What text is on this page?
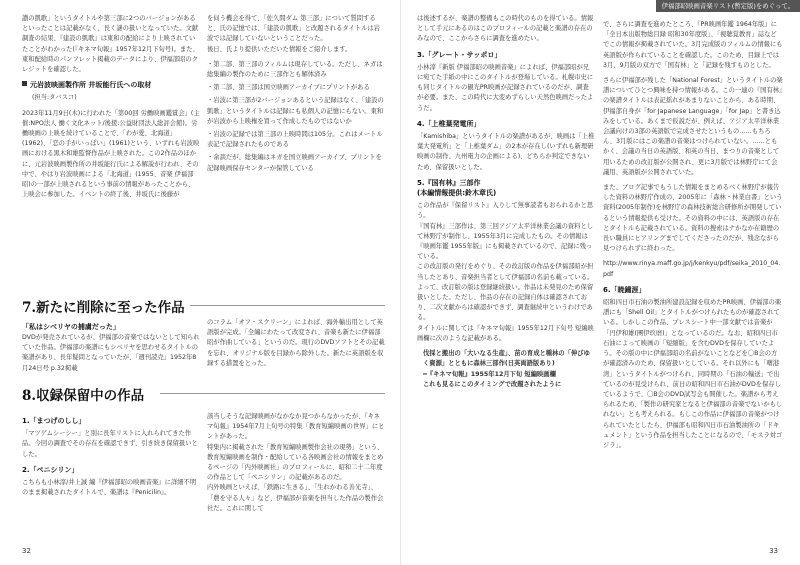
讃の凱歌」というタイトルや第三部に2つのバージョンがあるといったことは記載がなく、長く謎の扱いとなっていた。文献調査の結果、『建設の凱歌』は東和の配給により上映されていたことがわかった(『キネマ旬報』1957年12月下旬号)。また、東和配給時のパンフレット掲載のデータにより、伊福部昭のクレジットを確認した。

元岩波映画製作所 井坂能行氏への取材

(担当:タバスコ)

2023年11月9日(木)に行われた「第00回 労働映画鑑賞会」(主催:NPO法人 働く文化ネット/後援:公益財団法人総評会館)。労働映画の上映を続けていることで、「わが愛、北海道」(1962)、「恋の手がいっぱい」(1961)という、いずれも岩波映画における黒木和雄監督作品が上映された。この2作品のほかに、元岩波映画製作所の井坂能行氏による解説が行われ、その中で、やはり岩波映画による「北海道」(1955、音楽 伊福部昭)の一部が上映されるという事前の情報があったことから、上映会に参加した。イベントの終了後、井坂氏に後藤が

を伺う機会を得て、「佐久間ダム 第三部」について質問すると、氏の記憶では、「建設の凱歌」と改題されるタイトルは岩波では記録していないということだった。
後日、氏より提供いただいた情報をご紹介します。

・第二部、第三部のフィルムは現存している。ただし、ネガは総集編の製作のために三部作とも解体済み
・第二部、第三部は国立映画アーカイブにプリントがある
・岩波に第三部が2バージョンあるという記録はなく、「建設の凱歌」というタイトルは記録にも私個人の記憶にもない。東和が岩波から上映権を買って作成したものではないか
・岩波の記録では第三部の上映時間は105分。これはメートル表記で記録されたものである
・余談だが、総集編はネガを国立映画アーカイブ、プリントを記録映画保存センターが保管している
7.新たに削除に至った作品
「私はシベリヤの捕虜だった」

DVDが発売されているが、伊福部の音楽ではないとして知られていた作品。伊福部の楽譜にもシベリヤを思わせるタイトルの楽譜があり、長年疑問となっていたが、「週刊読売」1952年8月24日号 p.32掲載

のコラム「オフ・スクリーン」によれば、海外輸出用として英語版が完成。「全編にわたって改変され、音楽も新たに伊福部昭が作曲している」というのだ。現行のDVDソフトとその記載を忘れ、オリジナル版を目録から除外した。新たに英語版を収録する措置をとった。

8.収録保留中の作品
1.「まつげのしし」

「マツゲムシーシー」と別に長年リストに入れられてきた作品。今回の調査でその存在を確認できず、引き続き保留扱いとした。

2.「ペニシリン」

こちらも小林淳/井上誠 編『伊福部昭の映画音楽』に詳細不明のまま掲載されたタイトルで、楽譜は『Penicilin』。

該当しそうな記録映画がなかなか見つからなかったが、『キネマ旬報』1954年7月上旬号の特集「教育短編映画の世界」にヒントがあった。
特集内に掲載された「教育短編映画製作会社の現勢」という、教育短編映画を制作・配給している各映画会社の情報をまとめるページの「内外映画社」のプロフィールに、昭和二十二年度の作品として「ペニシリン」の記載があるのだ。
内外映画といえば、「鉄路に生きる」、「生れかわる善光寺」、「農を守る人々」など、伊福部が音楽を担当した作品の製作会社だ。これに関して

32
伊福部昭映画音楽リスト(暫定版)をめぐって。

は後述するが、楽譜の整備もこの時代のものを得ている。情報として手元にあるのはこのプロフィールの記載と楽譜の存在のみなので、ここからさらに調査を進めたい。

3.「グレート・サッポロ」

小林淳『新版 伊福部昭の映画音楽』によれば、伊福部昭が兄に宛てた手紙の中にこのタイトルが登場している。札幌市史にも同じタイトルの観光PR映画が記録されているのだが、調査が必要。また、この時代に大変めずらしい天然色映画だったようだ。

4.「上椎葉発電所」

「Kamishiba」というタイトルの楽譜があるが、映画は「上椎葉大発電所」と「上椎葉ダム」の2本が存在し(いずれも新理研映画の制作、九州電力の企画による)、どちらか判定できないため、保留扱いとした。

5.『国有林』三部作
(本編情報提供:鈴木章氏)

この作品が『保留リスト』入りして無事読者もおられるかと思う。
『国有林』三部作は、第三回アジア太平洋林業会議の資料として林野庁が制作し、1955年3月に完成したもの。その情報は『映画年鑑 1955年版』にも掲載されているので、記録に残っている。
この改訂版の発行をめぐり、その改訂版の作品を伊福部昭が担当したとあり、音楽担当者として伊福部の名前も載っている。よって、改訂版の版は登録継続扱い。作品は未発見のため保留扱いとした。ただし、作品の存在の記録自体は確認されており、二次文献からは確認ができず、調査継続中というわけである。
タイトルに関しては『キネマ旬報』1955年12月下旬号 短編映画欄に次のような記載がある。

伐採と搬出の「大いなる生産」、苗の育成と種林の「伸びゆく資源」とともに森林三部作(日英両語版あり)
━『キネマ旬報』1955年12月下旬 短編映画欄
これも見るにこのタイミングで改題されたように

で、さらに調査を進めたところ、『PR映画年鑑 1964年版』に「全日本出版物総目録 昭和30年度版」、「視聴覚教育」誌などでこの情報が掲載されていた。3月完成版のフィルムの情報にも英語版が作られていることを確認した。このため、目録上では3月、9月版の双方で「国有林」と「記録を残すものとした。

さらに伊福部が残した「National Forest」というタイトルの楽譜についてひとつ興味を持つ情報がある。この一連の『国有林』の楽譜タイトルは表記揺れがあまりないことから、ある時期、伊福部自身が「for Japanese Language」「for Jap」と書き込みをしている。あくまで仮説だが、例えば、アジア太平洋林業会議向けの3部の英語版で完成させたというもの……もちろん、3月版にはこの楽譜の音楽はつけられていない。……ともかく、会議の当日の英語版、和英の当日、まつりの音楽として用いるための改訂版が公開され、更に3月版では林野庁にて会議用、英語版が公開されていた。

また、ブログ記事でもうした情報をまとめるべく林野庁が報告した資料の林野庁作成の、2005年に「森林・林業白書」という資料(2005年制作)を林野庁の森林技術総合研修所が開発しているという情報提供も受けた。その資料の中には、英語版の存在とタイトルも記載されている。資料の捜索はナかなか在籍歴の長い職員にヒアリングまでしてくださったのだが、残念ながら見つけられずに終わった。

http://www.rinya.maff.go.jp/j/kenkyu/pdf/seika_2010_04.pdf

6.「暁鐘涯」

昭和四日市石油の製油所建設記録を収めたPR映画、伊福部の楽譜にも「Shell Oil」とタイトルがつけられたものが確認されている。しかしこの作品、プレスシート中一部文献では音楽が「円伊和雄(團伊玖磨)」となっているのだ。なお、昭和四日市石油によって映画の「短縮版」を含むDVDを保存していたよう。その版の中に伊福部昭の名前がないことなどを〇B会の方が確認済みのため、保留扱いとしている。それ以外にも「曙港湾」というタイトルがつけられ、同時期の「石油の輸送」で出ているのが見受けられ、前日の昭和四日市石油がDVDを保存しているようで、〇B会のDVD試写会も開催した。楽譜から考えられるため、「製作の研究家となると伊福部の音楽でないかもしれない」とも考えられる。もしこの作品に伊福部の音楽がつけられていたとしたら、伊福部も昭和四日市石油製油所の「ドキュメント」という作品を担当したことになるので、「モスラ対ゴジラ」。

33
